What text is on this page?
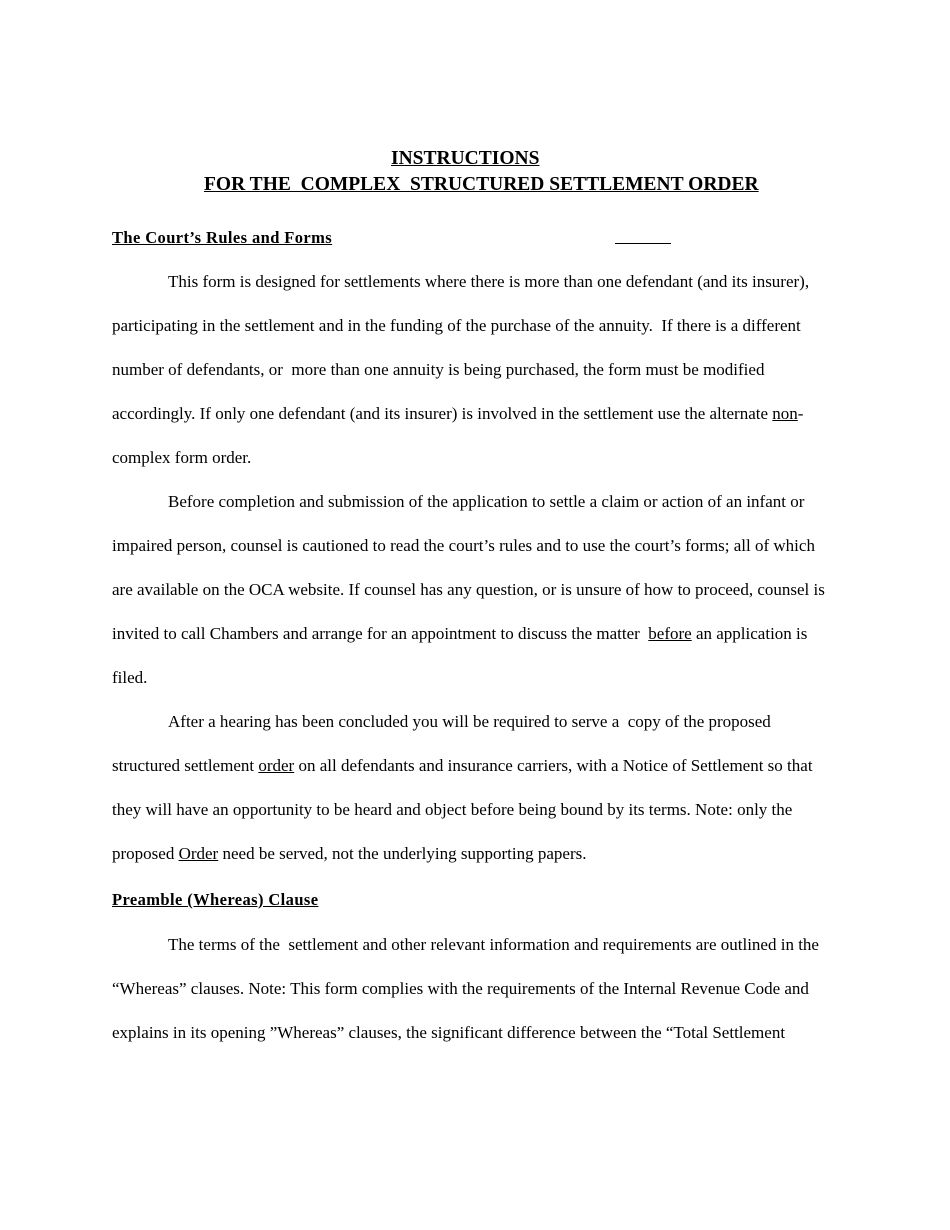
INSTRUCTIONS
FOR THE  COMPLEX  STRUCTURED SETTLEMENT ORDER
The Court’s Rules and Forms
This form is designed for settlements where there is more than one defendant (and its insurer),
participating in the settlement and in the funding of the purchase of the annuity.  If there is a different
number of defendants, or  more than one annuity is being purchased, the form must be modified
accordingly. If only one defendant (and its insurer) is involved in the settlement use the alternate non-
complex form order.
Before completion and submission of the application to settle a claim or action of an infant or
impaired person, counsel is cautioned to read the court’s rules and to use the court’s forms; all of which
are available on the OCA website. If counsel has any question, or is unsure of how to proceed, counsel is
invited to call Chambers and arrange for an appointment to discuss the matter  before an application is
filed.
After a hearing has been concluded you will be required to serve a  copy of the proposed
structured settlement order on all defendants and insurance carriers, with a Notice of Settlement so that
they will have an opportunity to be heard and object before being bound by its terms. Note: only the
proposed Order need be served, not the underlying supporting papers.
Preamble (Whereas) Clause
The terms of the  settlement and other relevant information and requirements are outlined in the
“Whereas” clauses. Note: This form complies with the requirements of the Internal Revenue Code and
explains in its opening ”Whereas” clauses, the significant difference between the “Total Settlement
